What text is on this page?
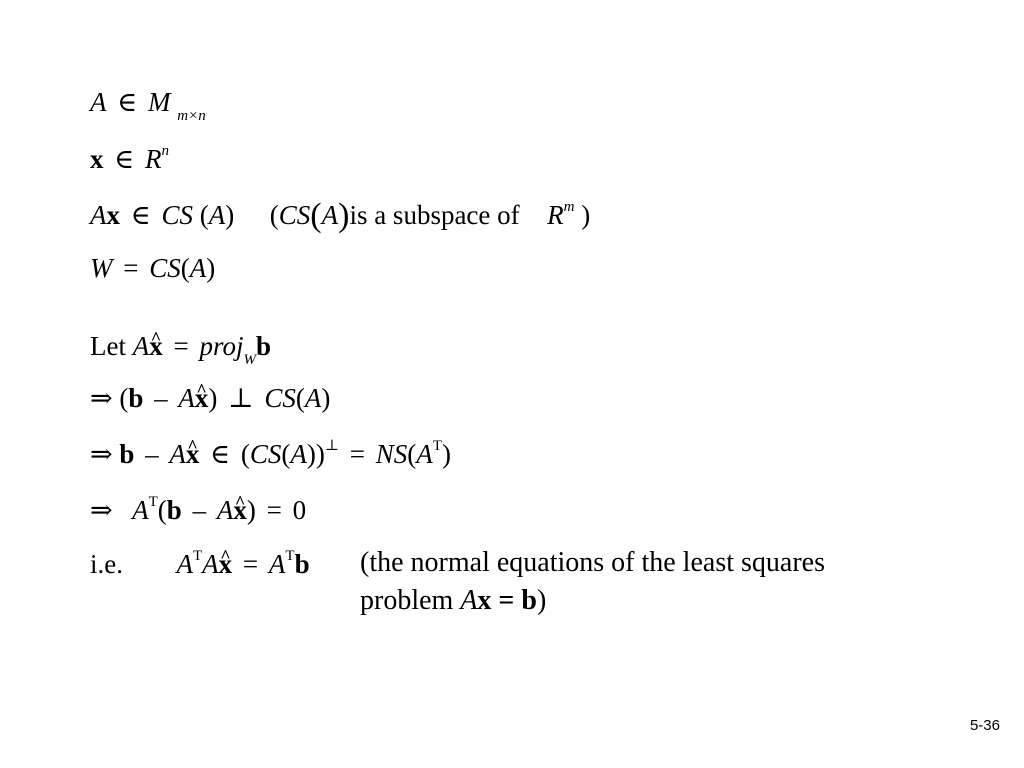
A ∈ M $_{m\times n}$
x ∈ $R^n$
Ax ∈ CS (A) (CS(A)is a subspace of $R^m$ )
W = CS(A)
Let Ax ^ = proj$_W$b
⇒ (b – Ax ^) ⊥ CS(A)
⇒ b – Ax ^ ∈ $(CS(A))^\perp = NS(A^T)$
⇒ $A^T(b$ – Ax ^) = 0
i.e. $A^TAx$ ^ = $A^Tb$ (the normal equations of the least squares
problem Ax = b)
5-36
